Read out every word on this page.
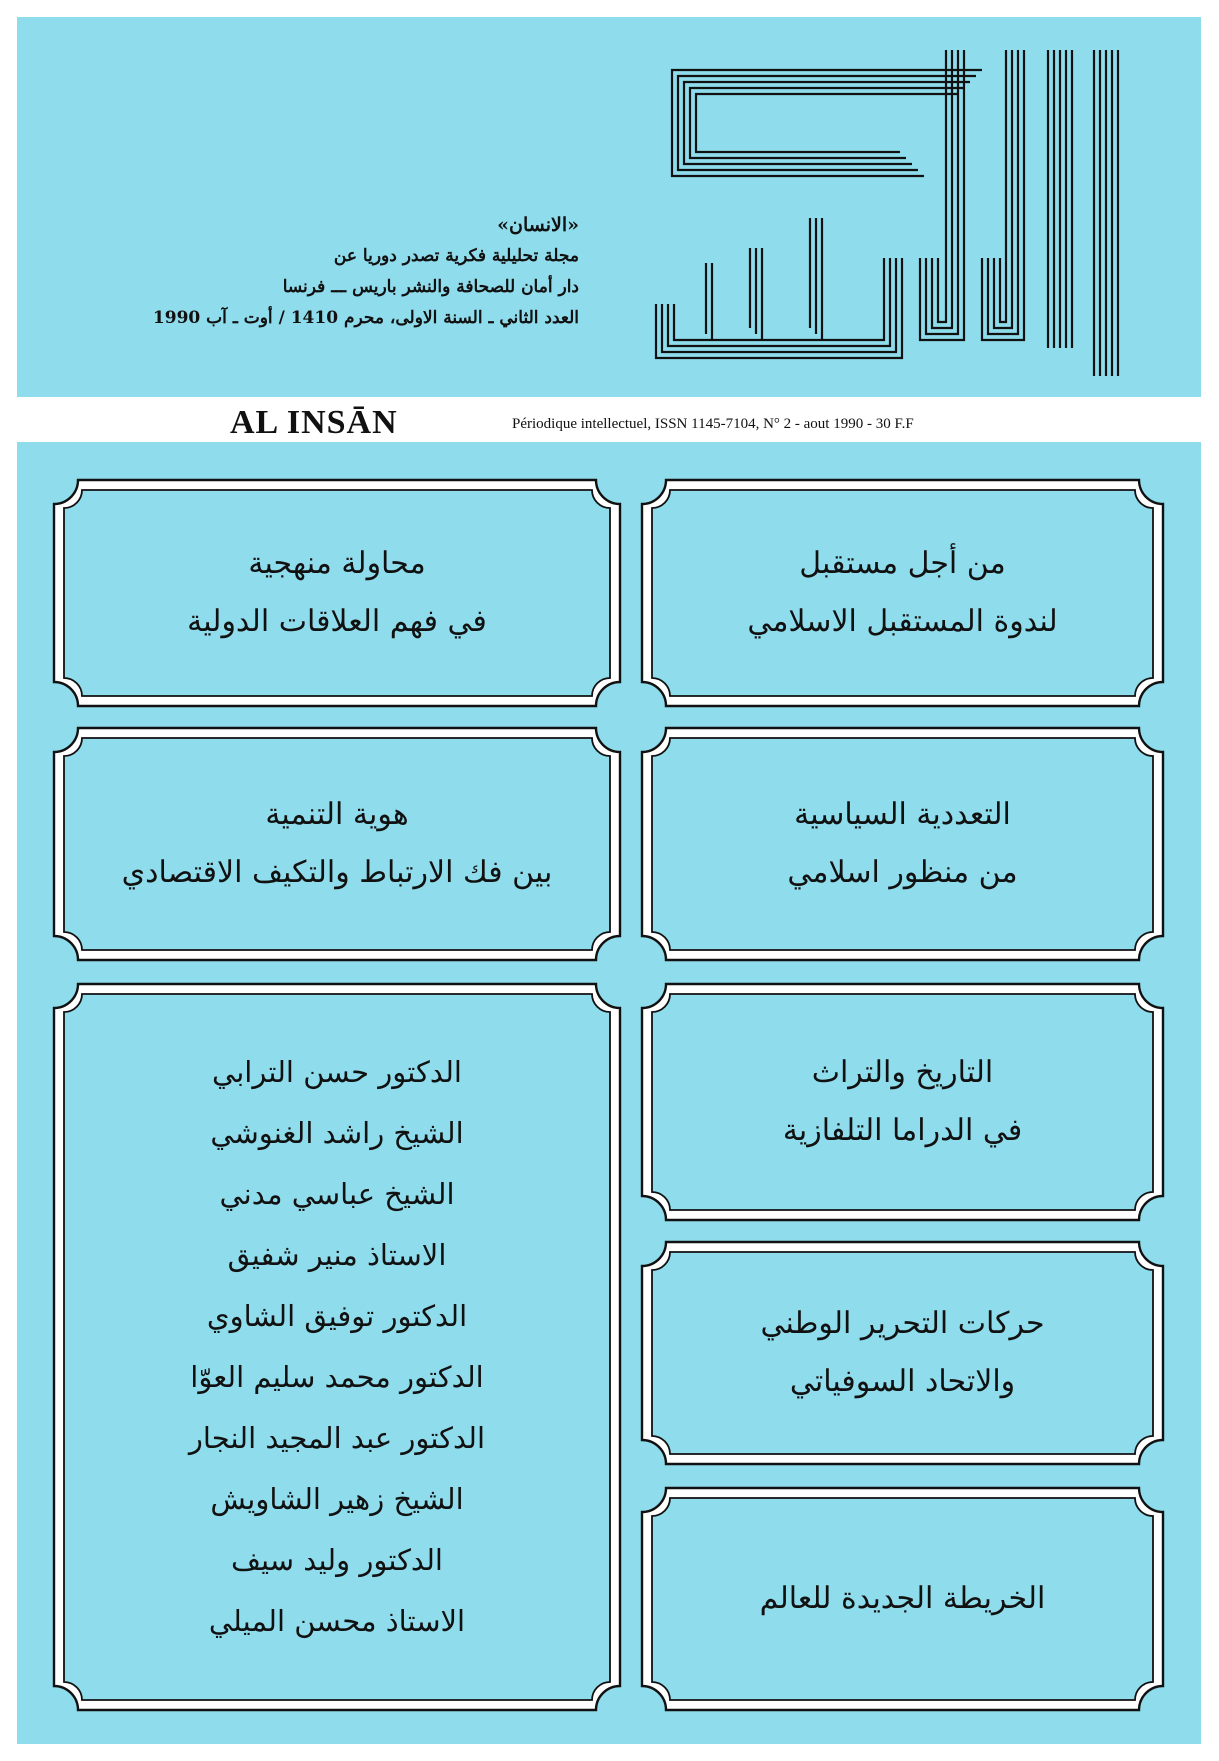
«الانسان»
مجلة تحليلية فكرية تصدر دوريا عن
دار أمان للصحافة والنشر باريس ـــ فرنسا
العدد الثاني ـ السنة الاولى، محرم 1410 / أوت ـ آب 1990
AL INSĀN	Périodique intellectuel, ISSN 1145-7104, N° 2 - aout 1990 - 30 F.F
من أجل مستقبل
لندوة المستقبل الاسلامي
التعددية السياسية
من منظور اسلامي
التاريخ والتراث
في الدراما التلفازية
حركات التحرير الوطني
والاتحاد السوفياتي
الخريطة الجديدة للعالم
محاولة منهجية
في فهم العلاقات الدولية
هوية التنمية
بين فك الارتباط والتكيف الاقتصادي
الدكتور حسن الترابي
الشيخ راشد الغنوشي
الشيخ عباسي مدني
الاستاذ منير شفيق
الدكتور توفيق الشاوي
الدكتور محمد سليم العوّا
الدكتور عبد المجيد النجار
الشيخ زهير الشاويش
الدكتور وليد سيف
الاستاذ محسن الميلي
